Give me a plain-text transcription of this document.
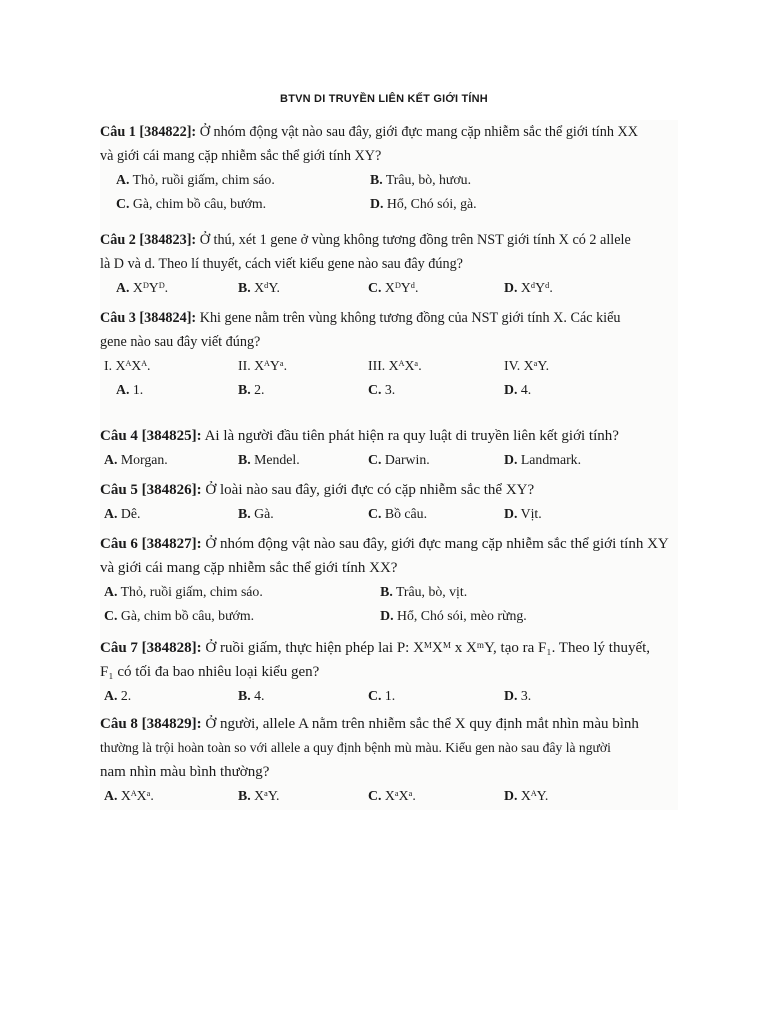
BTVN DI TRUYỀN LIÊN KẾT GIỚI TÍNH
Câu 1 [384822]: Ở nhóm động vật nào sau đây, giới đực mang cặp nhiễm sắc thể giới tính XX
và giới cái mang cặp nhiễm sắc thể giới tính XY?
A. Thỏ, ruồi giấm, chim sáo.	B. Trâu, bò, hươu.
C. Gà, chim bồ câu, bướm.	D. Hổ, Chó sói, gà.
Câu 2 [384823]: Ở thú, xét 1 gene ở vùng không tương đồng trên NST giới tính X có 2 allele
là D và d. Theo lí thuyết, cách viết kiểu gene nào sau đây đúng?
A. XᴰYᴰ.	B. XᵈY.	C. XᴰYᵈ.	D. XᵈYᵈ.
Câu 3 [384824]: Khi gene nằm trên vùng không tương đồng của NST giới tính X. Các kiểu
gene nào sau đây viết đúng?
I. XᴬXᴬ.	II. XᴬYᵃ.	III. XᴬXᵃ.	IV. XᵃY.
A. 1.	B. 2.	C. 3.	D. 4.
Câu 4 [384825]: Ai là người đầu tiên phát hiện ra quy luật di truyền liên kết giới tính?
A. Morgan.	B. Mendel.	C. Darwin.	D. Landmark.
Câu 5 [384826]: Ở loài nào sau đây, giới đực có cặp nhiễm sắc thể XY?
A. Dê.	B. Gà.	C. Bồ câu.	D. Vịt.
Câu 6 [384827]: Ở nhóm động vật nào sau đây, giới đực mang cặp nhiễm sắc thể giới tính XY
và giới cái mang cặp nhiễm sắc thể giới tính XX?
A. Thỏ, ruồi giấm, chim sáo.	B. Trâu, bò, vịt.
C. Gà, chim bồ câu, bướm.	D. Hổ, Chó sói, mèo rừng.
Câu 7 [384828]: Ở ruồi giấm, thực hiện phép lai P: XᴹXᴹ x XᵐY, tạo ra F₁. Theo lý thuyết,
F₁ có tối đa bao nhiêu loại kiểu gen?
A. 2.	B. 4.	C. 1.	D. 3.
Câu 8 [384829]: Ở người, allele A nằm trên nhiễm sắc thể X quy định mắt nhìn màu bình
thường là trội hoàn toàn so với allele a quy định bệnh mù màu. Kiểu gen nào sau đây là người
nam nhìn màu bình thường?
A. XᴬXᵃ.	B. XᵃY.	C. XᵃXᵃ.	D. XᴬY.
